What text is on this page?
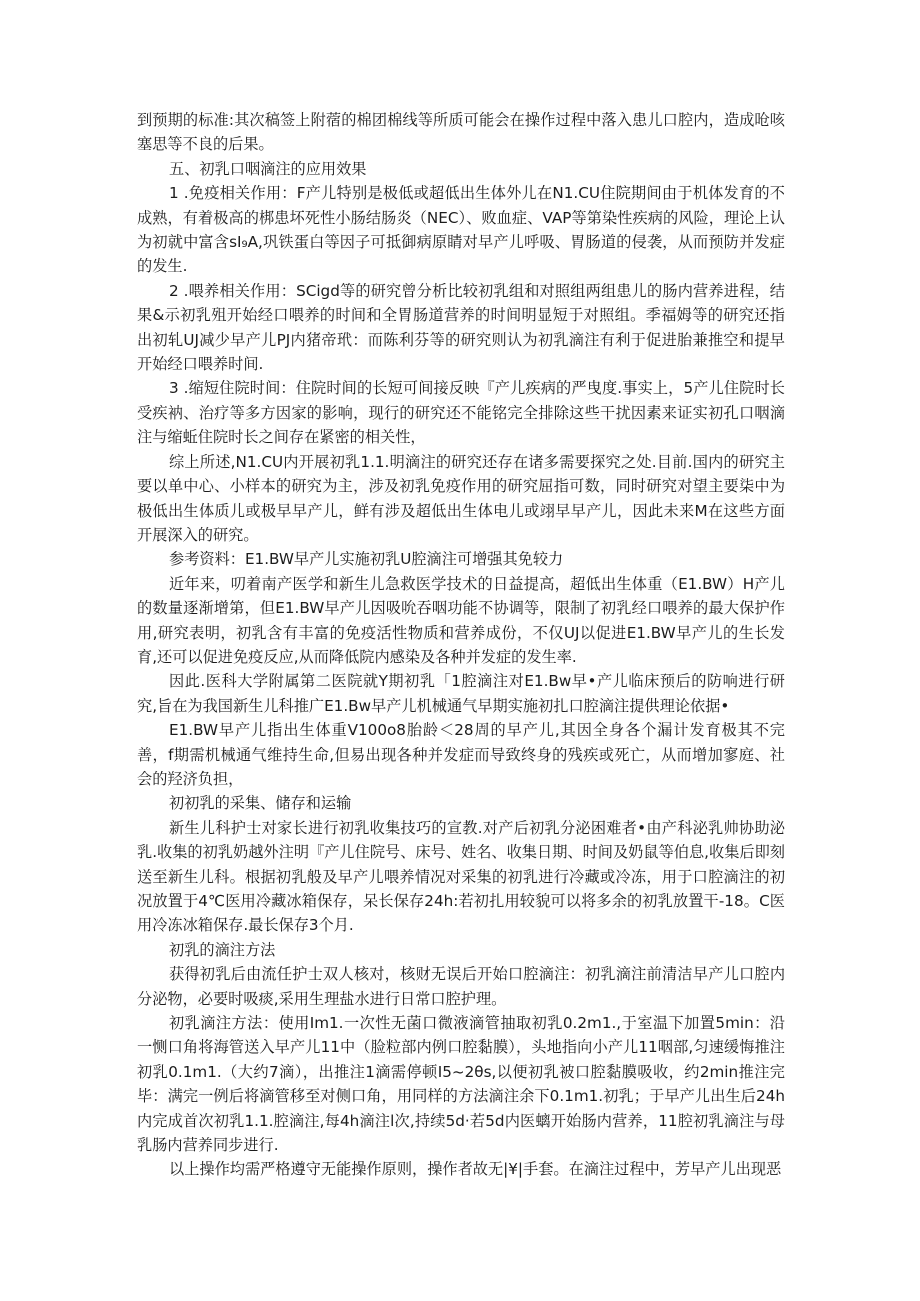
到预期的标准:其次稿签上附蓿的棉团棉线等所质可能会在操作过程中落入患儿口腔内，造成呛咳塞思等不良的后果。

五、初乳口咽滴注的应用效果

1 .免疫相关作用：F产儿特别是极低或超低出生体外儿在N1.CU住院期间由于机体发育的不成熟，有着极高的梆患坏死性小肠结肠炎（NEC）、败血症、VAP等第染性疾病的风险，理论上认为初就中富含sI₉A,巩铁蛋白等因子可抵御病原睛对早产儿呼吸、胃肠道的侵袭，从而预防并发症的发生.

2 .喂养相关作用：SCigd等的研究曾分析比较初乳组和对照组两组患儿的肠内营养进程，结果&示初乳殂开始经口喂养的时间和全胃肠道营养的时间明显短于对照组。季福姆等的研究还指出初轧UJ减少早产儿PJ内猪帝玳：而陈利芬等的研究则认为初乳滴注有利于促进胎兼推空和提早开始经口喂养时间.

3 .缩短住院时间：住院时间的长短可间接反映『产儿疾病的严曳度.事实上，5产儿住院时长受疾衲、治疗等多方因家的影响，现行的研究还不能铭完全排除这些干扰因素来证实初孔口咽滴注与缩蚯住院时长之间存在紧密的相关性，

综上所述,N1.CU内开展初乳1.1.明滴注的研究还存在诸多需要探究之处.目前.国内的研究主要以单中心、小样本的研究为主，涉及初乳免疫作用的研究屈指可数，同时研究对望主要柒中为极低出生体质儿或极早早产儿，鲜有涉及超低出生体电儿或翊早早产儿，因此未来M在这些方面开展深入的研究。

参考资料：E1.BW早产儿实施初乳U腔滴注可增强其免较力

近年来，叨着南产医学和新生儿急救医学技术的日益提高，超低出生体重（E1.BW）H产儿的数量逐渐增第，但E1.BW早产儿因吸吮吞咽功能不协调等，限制了初乳经口喂养的最大保护作用,研究表明，初乳含有丰富的免疫活性物质和营养成份，不仅UJ以促进E1.BW早产儿的生长发育,还可以促进免疫反应,从而降低院内感染及各种并发症的发生率.

因此.医科大学附属第二医院就Y期初乳「1腔滴注对E1.Bw早•产儿临床预后的防响进行研究,旨在为我国新生儿科推广E1.Bw早产儿机械通气早期实施初扎口腔滴注提供理论依据•

E1.BW早产儿指出生体重V100o8胎龄＜28周的早产儿,其因全身各个漏计发育极其不完善，f期需机械通气维持生命,但易出现各种并发症而导致终身的残疾或死亡，从而增加寥庭、社会的羟济负担，

初初乳的采集、储存和运输

新生儿科护士对家长进行初乳收集技巧的宣教.对产后初乳分泌困难者•由产科泌乳帅协助泌乳.收集的初乳奶越外注明『产儿住院号、床号、姓名、收集日期、时间及奶鼠等伯息,收集后即刻送至新生儿科。根据初乳般及早产儿喂养情况对采集的初乳进行冷藏或冷冻，用于口腔滴注的初况放置于4℃医用冷藏冰箱保存，呆长保存24h:若初扎用较貌可以将多余的初乳放置干-18。C医用冷冻冰箱保存.最长保存3个月.

初乳的滴注方法

获得初乳后由流任护士双人核对，核财无误后开始口腔滴注：初乳滴注前清洁早产儿口腔内分泌物，必要时吸痰,采用生理盐水进行日常口腔护理。

初乳滴注方法：使用Im1.一次性无菌口微液滴管抽取初乳0.2m1.,于室温下加置5min：沿一恻口角将海管送入早产儿11中（脸粒部内例口腔黏膜），头地指向小产儿11咽部,匀速缓悔推注初乳0.1m1.（大约7滴），出推注1滴需停顿I5~2θs,以便初乳被口腔黏膜吸收，约2min推注完毕：满完一例后将滴管移至对侧口角，用同样的方法滴注余下0.1m1.初乳；于早产儿出生后24h内完成首次初乳1.1.腔滴注,每4h滴注l次,持续5d·若5d内医螭开始肠内营养，11腔初乳滴注与母乳肠内营养同步进行.

以上操作均需严格遵守无能操作原则，操作者故无|¥|手套。在滴注过程中，芳早产儿出现恶
